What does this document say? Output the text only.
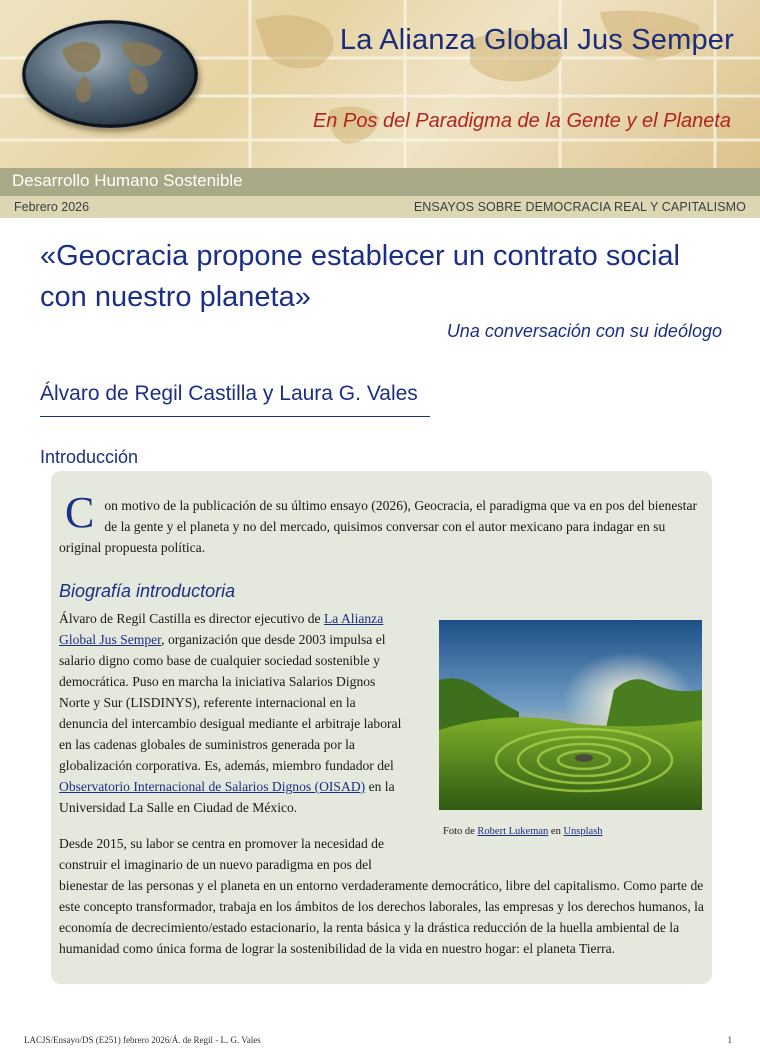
La Alianza Global Jus Semper
En Pos del Paradigma de la Gente y el Planeta
Desarrollo Humano Sostenible
Febrero 2026	ENSAYOS SOBRE DEMOCRACIA REAL Y CAPITALISMO
«Geocracia propone establecer un contrato social con nuestro planeta»
Una conversación con su ideólogo
Álvaro de Regil Castilla y Laura G. Vales
Introducción
Con motivo de la publicación de su último ensayo (2026), Geocracia, el paradigma que va en pos del bienestar de la gente y el planeta y no del mercado, quisimos conversar con el autor mexicano para indagar en su original propuesta política.
Biografía introductoria
Álvaro de Regil Castilla es director ejecutivo de La Alianza Global Jus Semper, organización que desde 2003 impulsa el salario digno como base de cualquier sociedad sostenible y democrática. Puso en marcha la iniciativa Salarios Dignos Norte y Sur (LISDINYS), referente internacional en la denuncia del intercambio desigual mediante el arbitraje laboral en las cadenas globales de suministros generada por la globalización corporativa. Es, además, miembro fundador del Observatorio Internacional de Salarios Dignos (OISAD) en la Universidad La Salle en Ciudad de México.
Foto de Robert Lukeman en Unsplash
Desde 2015, su labor se centra en promover la necesidad de construir el imaginario de un nuevo paradigma en pos del
bienestar de las personas y el planeta en un entorno verdaderamente democrático, libre del capitalismo. Como parte de este concepto transformador, trabaja en los ámbitos de los derechos laborales, las empresas y los derechos humanos, la economía de decrecimiento/estado estacionario, la renta básica y la drástica reducción de la huella ambiental de la humanidad como única forma de lograr la sostenibilidad de la vida en nuestro hogar: el planeta Tierra.
LACJS/Ensayo/DS (E251) febrero 2026/Á. de Regil - L. G. Vales	1
